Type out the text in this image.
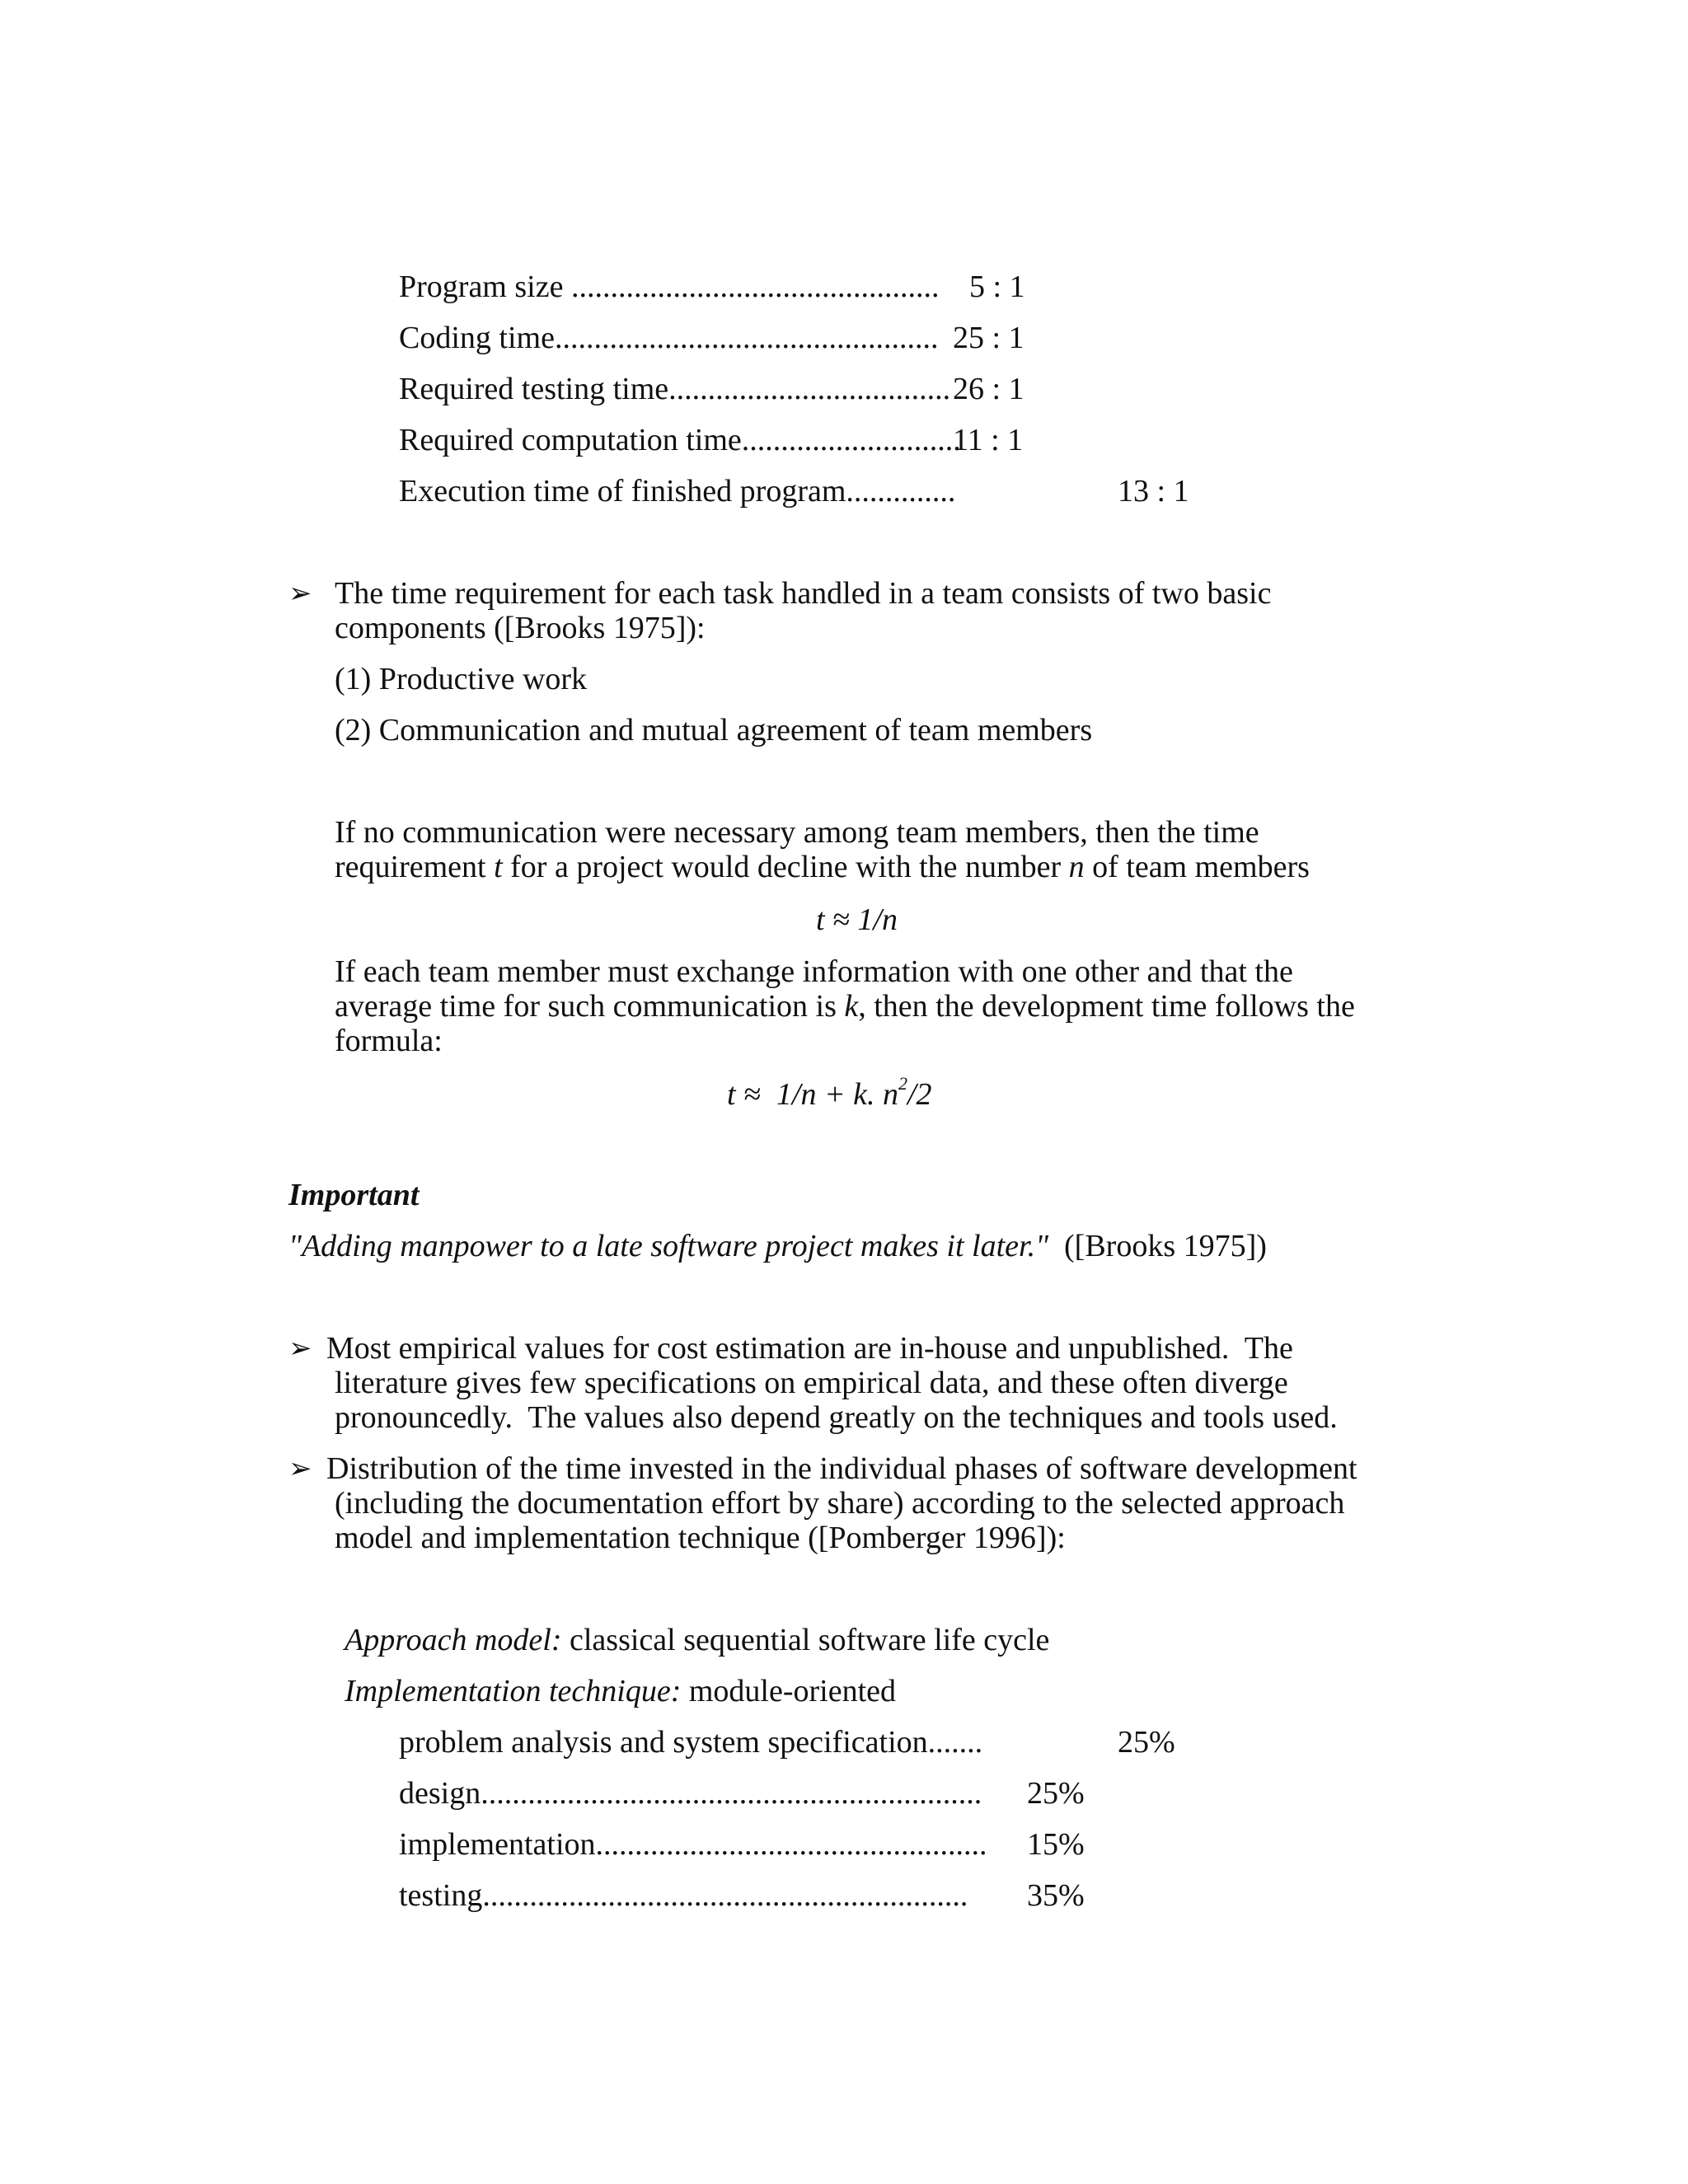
Program size ............................................... 5 : 1
Coding time................................................. 25 : 1
Required testing time.................................... 26 : 1
Required computation time............................
11 : 1
Execution time of finished program..............	13 : 1
➢ The time requirement for each task handled in a team consists of two basic
components ([Brooks 1975]):
(1) Productive work
(2) Communication and mutual agreement of team members
If no communication were necessary among team members, then the time
requirement t for a project would decline with the number n of team members
t ≈ 1/n
If each team member must exchange information with one other and that the
average time for such communication is k, then the development time follows the
formula:
t ≈  1/n + k. $n^2/2$
Important
"Adding manpower to a late software project makes it later." ([Brooks 1975])
➢ Most empirical values for cost estimation are in-house and unpublished.  The
literature gives few specifications on empirical data, and these often diverge
pronouncedly.  The values also depend greatly on the techniques and tools used.
➢ Distribution of the time invested in the individual phases of software development
(including the documentation effort by share) according to the selected approach
model and implementation technique ([Pomberger 1996]):
Approach model: classical sequential software life cycle
Implementation technique: module-oriented
problem analysis and system specification.......	25%
design................................................................ 25%
implementation.................................................. 15%
testing.............................................................. 35%
